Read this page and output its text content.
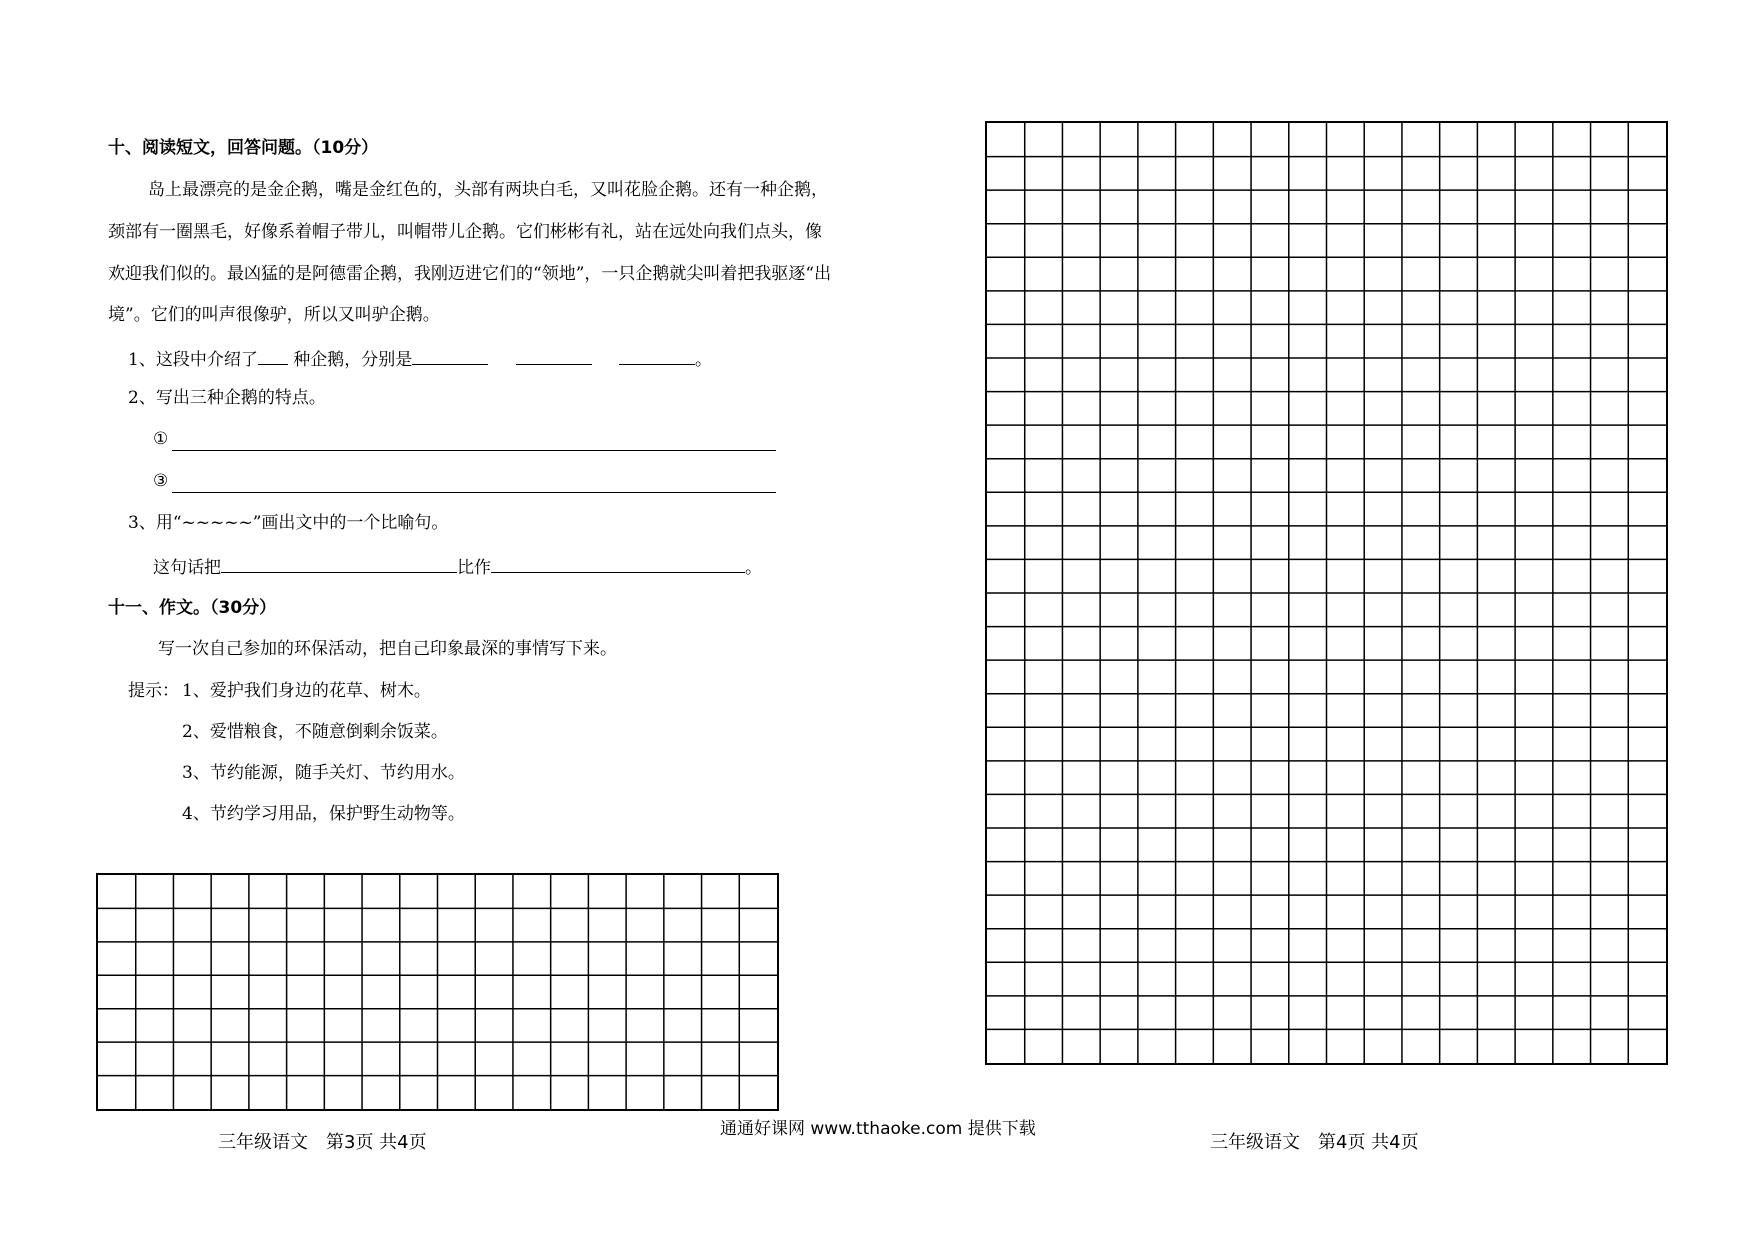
十、阅读短文，回答问题。（10分）
岛上最漂亮的是金企鹅，嘴是金红色的，头部有两块白毛，又叫花脸企鹅。还有一种企鹅，
颈部有一圈黑毛，好像系着帽子带儿，叫帽带儿企鹅。它们彬彬有礼，站在远处向我们点头，像
欢迎我们似的。最凶猛的是阿德雷企鹅，我刚迈进它们的“领地”，一只企鹅就尖叫着把我驱逐“出
境”。它们的叫声很像驴，所以又叫驴企鹅。
1、这段中介绍了 种企鹅，分别是	。
2、写出三种企鹅的特点。
①
③
3、用“~~~~~”画出文中的一个比喻句。
这句话把	比作	。
十一、作文。（30分）
写一次自己参加的环保活动，把自己印象最深的事情写下来。
提示： 1、爱护我们身边的花草、树木。
2、爱惜粮食，不随意倒剩余饭菜。
3、节约能源，随手关灯、节约用水。
4、节约学习用品，保护野生动物等。
三年级语文　第3页 共4页
通通好课网 www.tthaoke.com 提供下载
三年级语文　第4页 共4页
